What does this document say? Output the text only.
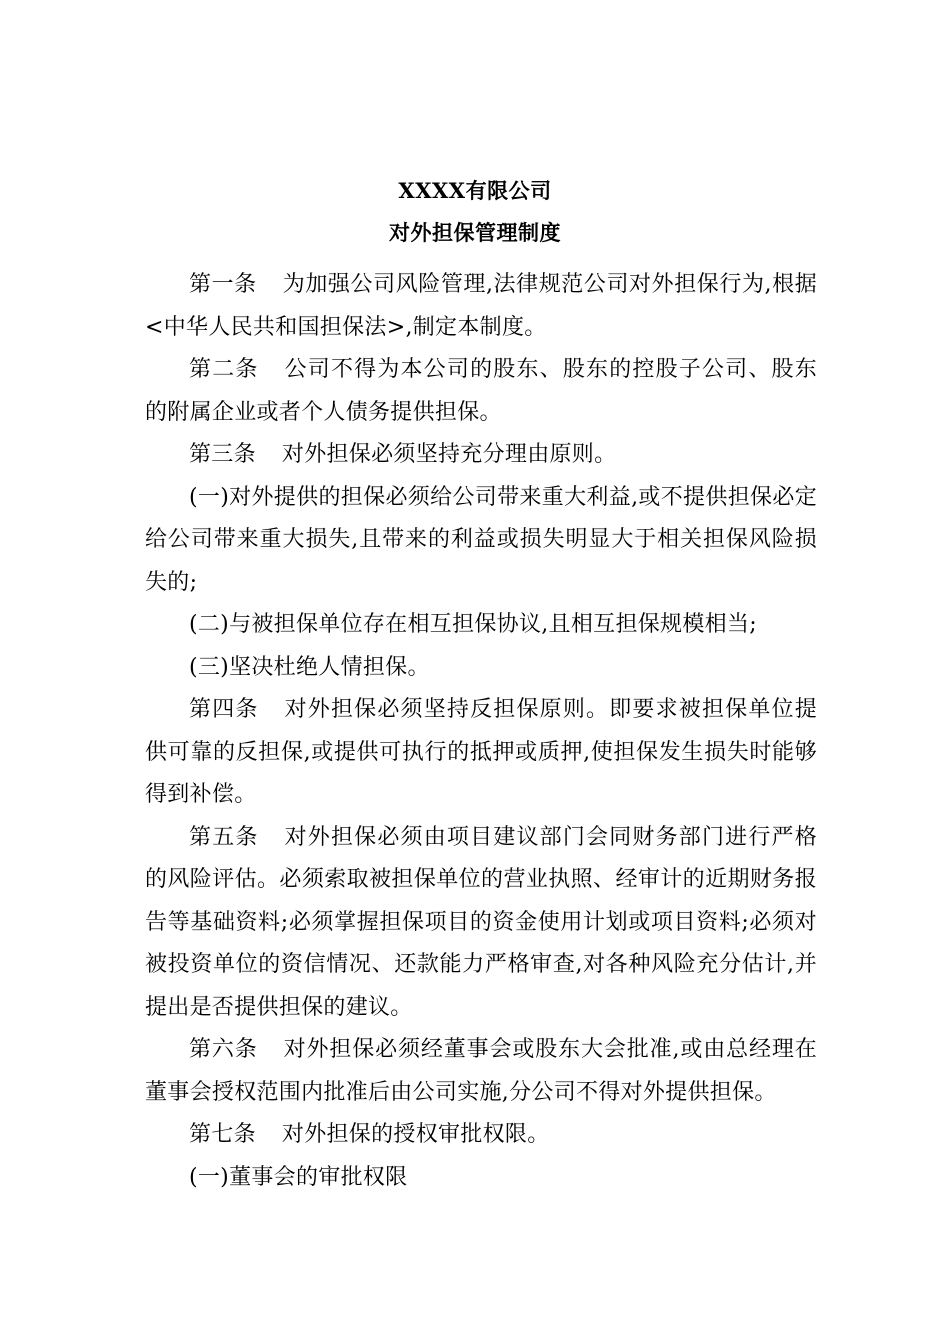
XXXX有限公司
对外担保管理制度

第一条 为加强公司风险管理,法律规范公司对外担保行为,根据<中华人民共和国担保法>,制定本制度。

第二条 公司不得为本公司的股东、股东的控股子公司、股东的附属企业或者个人债务提供担保。

第三条 对外担保必须坚持充分理由原则。

(一)对外提供的担保必须给公司带来重大利益,或不提供担保必定给公司带来重大损失,且带来的利益或损失明显大于相关担保风险损失的;

(二)与被担保单位存在相互担保协议,且相互担保规模相当;

(三)坚决杜绝人情担保。

第四条 对外担保必须坚持反担保原则。即要求被担保单位提供可靠的反担保,或提供可执行的抵押或质押,使担保发生损失时能够得到补偿。

第五条 对外担保必须由项目建议部门会同财务部门进行严格的风险评估。必须索取被担保单位的营业执照、经审计的近期财务报告等基础资料;必须掌握担保项目的资金使用计划或项目资料;必须对被投资单位的资信情况、还款能力严格审查,对各种风险充分估计,并提出是否提供担保的建议。

第六条 对外担保必须经董事会或股东大会批准,或由总经理在董事会授权范围内批准后由公司实施,分公司不得对外提供担保。

第七条 对外担保的授权审批权限。

(一)董事会的审批权限
